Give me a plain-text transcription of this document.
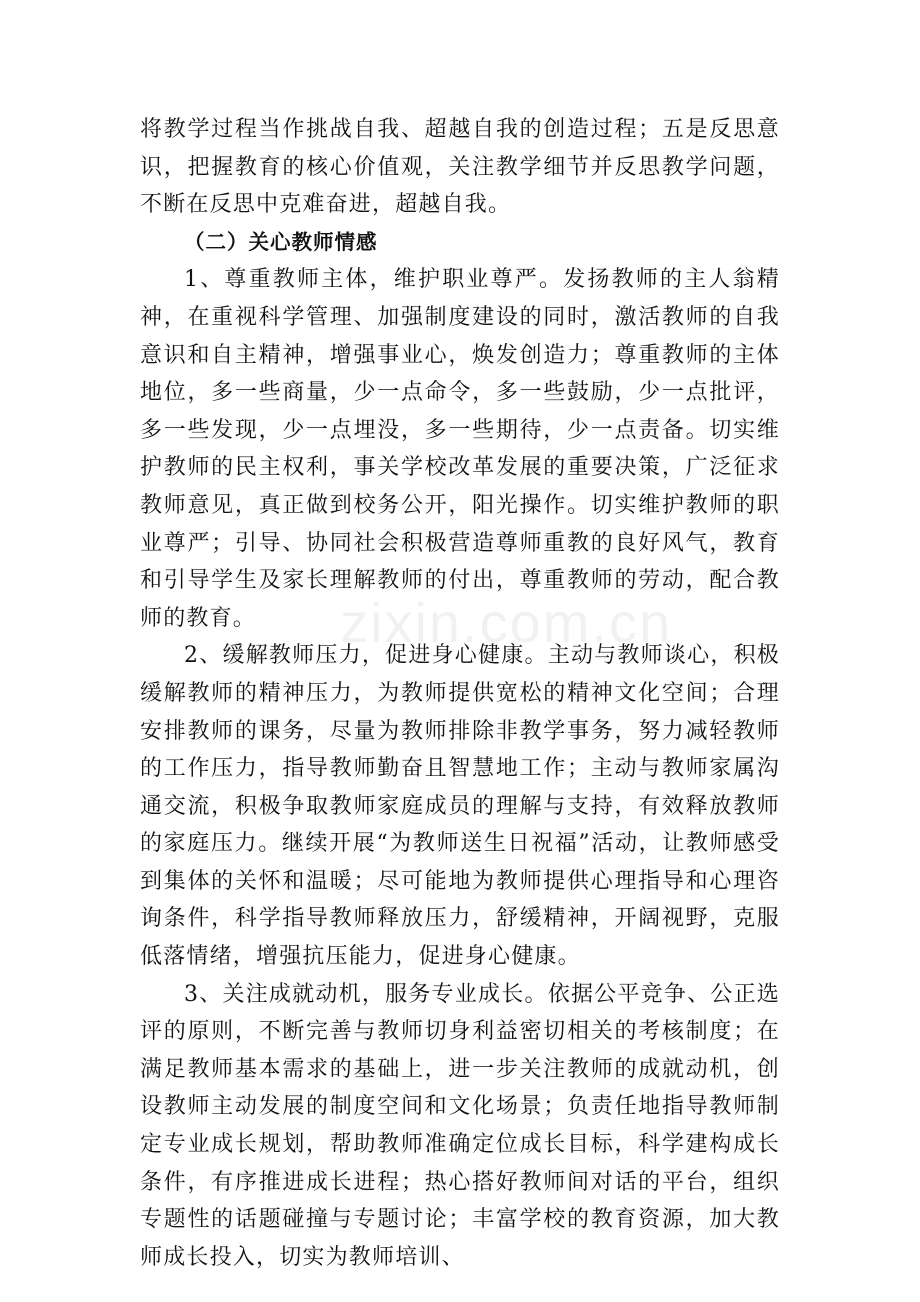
将教学过程当作挑战自我、超越自我的创造过程；五是反思意识，把握教育的核心价值观，关注教学细节并反思教学问题，不断在反思中克难奋进，超越自我。

（二）关心教师情感

1、尊重教师主体，维护职业尊严。发扬教师的主人翁精神，在重视科学管理、加强制度建设的同时，激活教师的自我意识和自主精神，增强事业心，焕发创造力；尊重教师的主体地位，多一些商量，少一点命令，多一些鼓励，少一点批评，多一些发现，少一点埋没，多一些期待，少一点责备。切实维护教师的民主权利，事关学校改革发展的重要决策，广泛征求教师意见，真正做到校务公开，阳光操作。切实维护教师的职业尊严；引导、协同社会积极营造尊师重教的良好风气，教育和引导学生及家长理解教师的付出，尊重教师的劳动，配合教师的教育。

2、缓解教师压力，促进身心健康。主动与教师谈心，积极缓解教师的精神压力，为教师提供宽松的精神文化空间；合理安排教师的课务，尽量为教师排除非教学事务，努力减轻教师的工作压力，指导教师勤奋且智慧地工作；主动与教师家属沟通交流，积极争取教师家庭成员的理解与支持，有效释放教师的家庭压力。继续开展“为教师送生日祝福”活动，让教师感受到集体的关怀和温暖；尽可能地为教师提供心理指导和心理咨询条件，科学指导教师释放压力，舒缓精神，开阔视野，克服低落情绪，增强抗压能力，促进身心健康。

3、关注成就动机，服务专业成长。依据公平竞争、公正选评的原则，不断完善与教师切身利益密切相关的考核制度；在满足教师基本需求的基础上，进一步关注教师的成就动机，创设教师主动发展的制度空间和文化场景；负责任地指导教师制定专业成长规划，帮助教师准确定位成长目标，科学建构成长条件，有序推进成长进程；热心搭好教师间对话的平台，组织专题性的话题碰撞与专题讨论；丰富学校的教育资源，加大教师成长投入，切实为教师培训、

zixin.com.cn
